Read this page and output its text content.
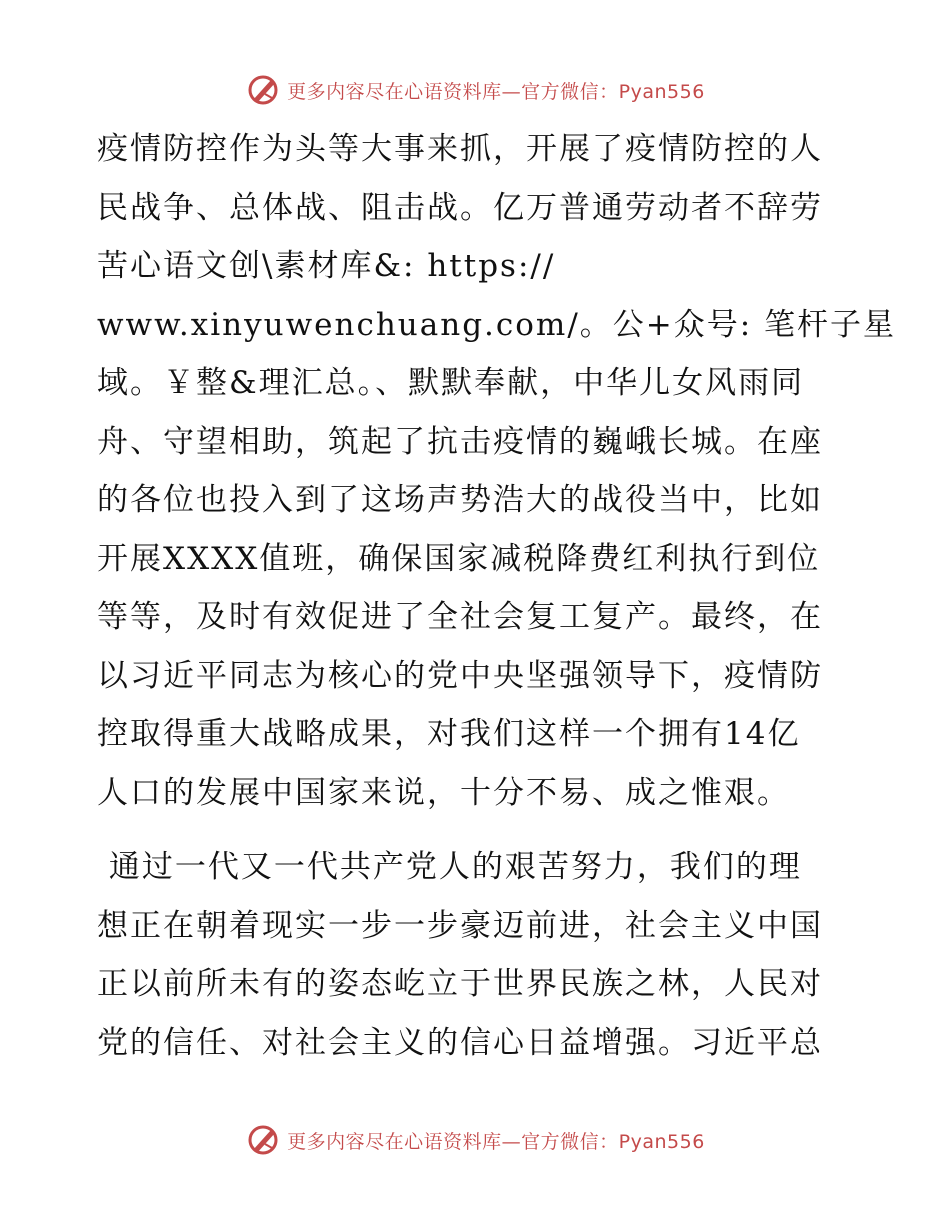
更多内容尽在心语资料库—官方微信：Pyan556
疫情防控作为头等大事来抓，开展了疫情防控的人
民战争、总体战、阻击战。亿万普通劳动者不辞劳
苦心语文创\素材库&: https://
www.xinyuwenchuang.com/。公+众号: 笔杆子星
域。￥整&理汇总。、默默奉献，中华儿女风雨同
舟、守望相助，筑起了抗击疫情的巍峨长城。在座
的各位也投入到了这场声势浩大的战役当中，比如
开展XXXX值班，确保国家减税降费红利执行到位
等等，及时有效促进了全社会复工复产。最终，在
以习近平同志为核心的党中央坚强领导下，疫情防
控取得重大战略成果，对我们这样一个拥有14亿
人口的发展中国家来说，十分不易、成之惟艰。
通过一代又一代共产党人的艰苦努力，我们的理
想正在朝着现实一步一步豪迈前进，社会主义中国
正以前所未有的姿态屹立于世界民族之林，人民对
党的信任、对社会主义的信心日益增强。习近平总
更多内容尽在心语资料库—官方微信：Pyan556
